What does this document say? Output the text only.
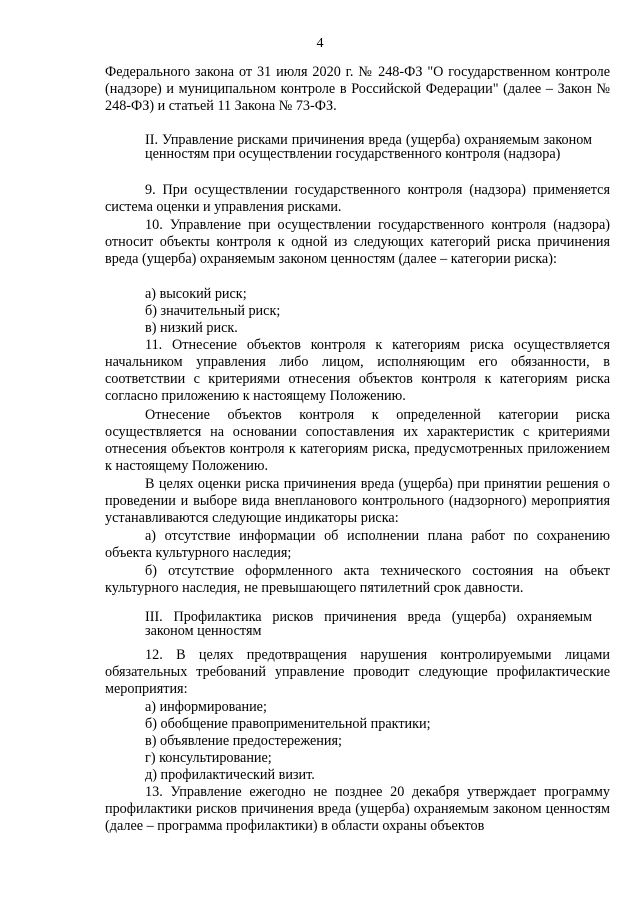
4

Федерального закона от 31 июля 2020 г. № 248-ФЗ "О государственном контроле (надзоре) и муниципальном контроле в Российской Федерации" (далее – Закон № 248-ФЗ) и статьей 11 Закона № 73-ФЗ.

II. Управление рисками причинения вреда (ущерба) охраняемым законом ценностям при осуществлении государственного контроля (надзора)

9. При осуществлении государственного контроля (надзора) применяется система оценки и управления рисками.

10. Управление при осуществлении государственного контроля (надзора) относит объекты контроля к одной из следующих категорий риска причинения вреда (ущерба) охраняемым законом ценностям (далее – категории риска):

а) высокий риск;

б) значительный риск;

в) низкий риск.

11. Отнесение объектов контроля к категориям риска осуществляется начальником управления либо лицом, исполняющим его обязанности, в соответствии с критериями отнесения объектов контроля к категориям риска согласно приложению к настоящему Положению.

Отнесение объектов контроля к определенной категории риска осуществляется на основании сопоставления их характеристик с критериями отнесения объектов контроля к категориям риска, предусмотренных приложением к настоящему Положению.

В целях оценки риска причинения вреда (ущерба) при принятии решения о проведении и выборе вида внепланового контрольного (надзорного) мероприятия устанавливаются следующие индикаторы риска:

а) отсутствие информации об исполнении плана работ по сохранению объекта культурного наследия;

б) отсутствие оформленного акта технического состояния на объект культурного наследия, не превышающего пятилетний срок давности.

III. Профилактика рисков причинения вреда (ущерба) охраняемым законом ценностям

12. В целях предотвращения нарушения контролируемыми лицами обязательных требований управление проводит следующие профилактические мероприятия:

а) информирование;

б) обобщение правоприменительной практики;

в) объявление предостережения;

г) консультирование;

д) профилактический визит.

13. Управление ежегодно не позднее 20 декабря утверждает программу профилактики рисков причинения вреда (ущерба) охраняемым законом ценностям (далее – программа профилактики) в области охраны объектов
